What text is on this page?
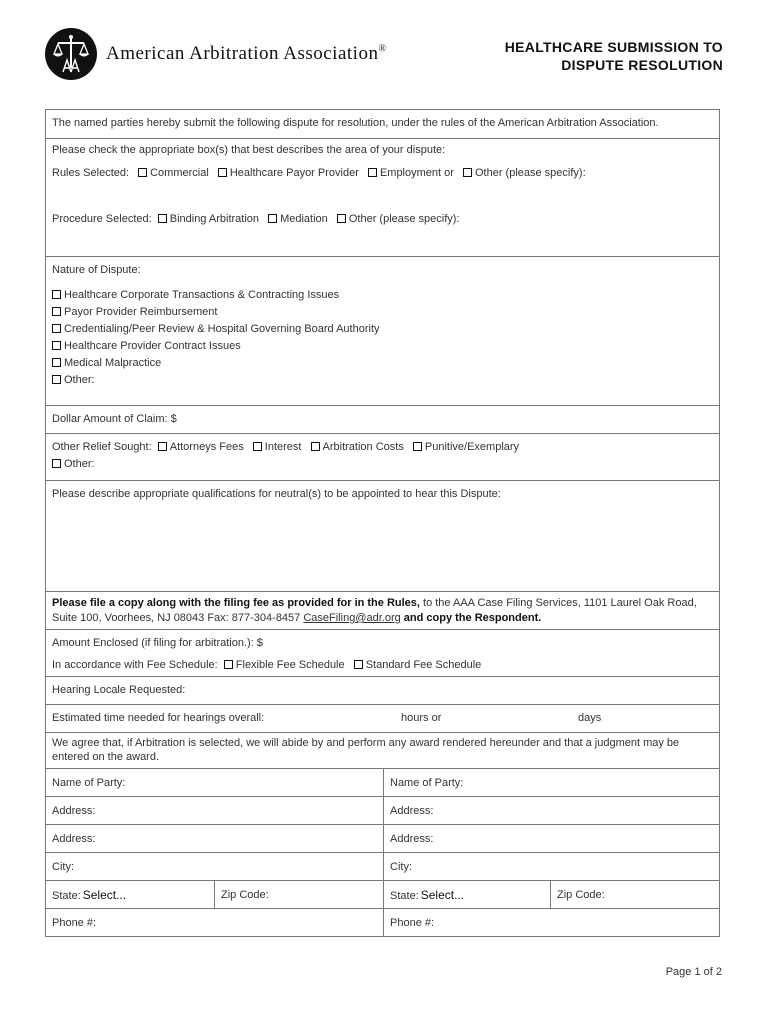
American Arbitration Association®	HEALTHCARE SUBMISSION TO
DISPUTE RESOLUTION
The named parties hereby submit the following dispute for resolution, under the rules of the American Arbitration Association.
Please check the appropriate box(s) that best describes the area of your dispute:
Rules Selected: Commercial Healthcare Payor Provider Employment or Other (please specify):
Procedure Selected: Binding Arbitration Mediation Other (please specify):
Nature of Dispute:
Healthcare Corporate Transactions & Contracting Issues
Payor Provider Reimbursement
Credentialing/Peer Review & Hospital Governing Board Authority
Healthcare Provider Contract Issues
Medical Malpractice
Other:
Dollar Amount of Claim: $
Other Relief Sought: Attorneys Fees Interest Arbitration Costs Punitive/Exemplary
Other:
Please describe appropriate qualifications for neutral(s) to be appointed to hear this Dispute:
Please file a copy along with the filing fee as provided for in the Rules, to the AAA Case Filing Services, 1101 Laurel Oak Road, Suite 100, Voorhees, NJ 08043 Fax: 877-304-8457 CaseFiling@adr.org and copy the Respondent.
Amount Enclosed (if filing for arbitration.): $
In accordance with Fee Schedule: Flexible Fee Schedule Standard Fee Schedule
Hearing Locale Requested:
Estimated time needed for hearings overall:	hours or	days
We agree that, if Arbitration is selected, we will abide by and perform any award rendered hereunder and that a judgment may be entered on the award.
Name of Party:	Name of Party:
Address:	Address:
Address:	Address:
City:	City:
State: Select...	Zip Code:	State: Select...	Zip Code:
Phone #:	Phone #:
Page 1 of 2
